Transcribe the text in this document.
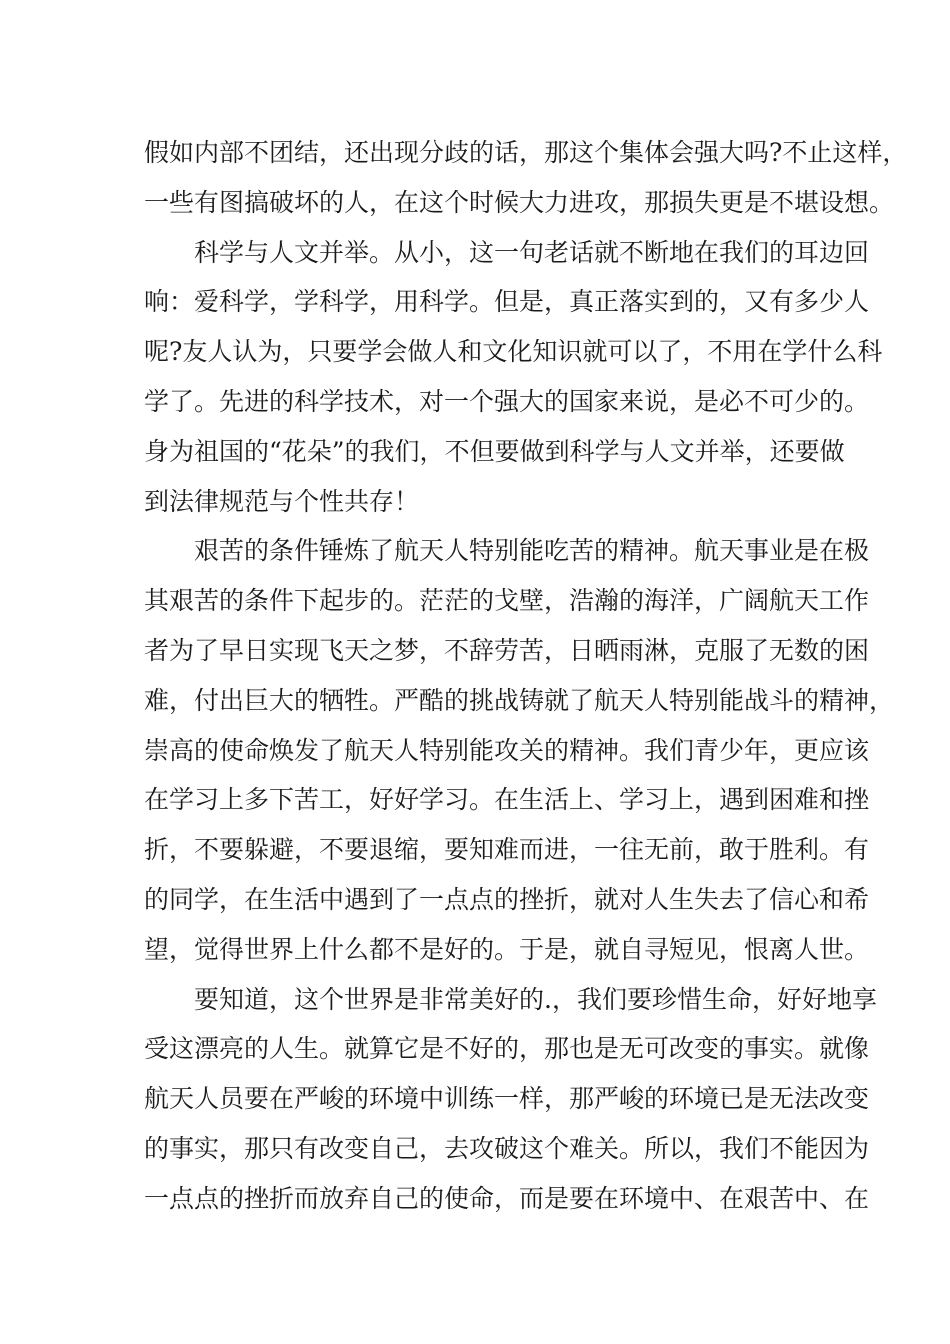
假如内部不团结，还出现分歧的话，那这个集体会强大吗?不止这样，
一些有图搞破坏的人，在这个时候大力进攻，那损失更是不堪设想。
科学与人文并举。从小，这一句老话就不断地在我们的耳边回
响：爱科学，学科学，用科学。但是，真正落实到的，又有多少人
呢?友人认为，只要学会做人和文化知识就可以了，不用在学什么科
学了。先进的科学技术，对一个强大的国家来说，是必不可少的。
身为祖国的“花朵”的我们，不但要做到科学与人文并举，还要做
到法律规范与个性共存！
艰苦的条件锤炼了航天人特别能吃苦的精神。航天事业是在极
其艰苦的条件下起步的。茫茫的戈壁，浩瀚的海洋，广阔航天工作
者为了早日实现飞天之梦，不辞劳苦，日晒雨淋，克服了无数的困
难，付出巨大的牺牲。严酷的挑战铸就了航天人特别能战斗的精神，
崇高的使命焕发了航天人特别能攻关的精神。我们青少年，更应该
在学习上多下苦工，好好学习。在生活上、学习上，遇到困难和挫
折，不要躲避，不要退缩，要知难而进，一往无前，敢于胜利。有
的同学，在生活中遇到了一点点的挫折，就对人生失去了信心和希
望，觉得世界上什么都不是好的。于是，就自寻短见，恨离人世。
要知道，这个世界是非常美好的.，我们要珍惜生命，好好地享
受这漂亮的人生。就算它是不好的，那也是无可改变的事实。就像
航天人员要在严峻的环境中训练一样，那严峻的环境已是无法改变
的事实，那只有改变自己，去攻破这个难关。所以，我们不能因为
一点点的挫折而放弃自己的使命，而是要在环境中、在艰苦中、在
